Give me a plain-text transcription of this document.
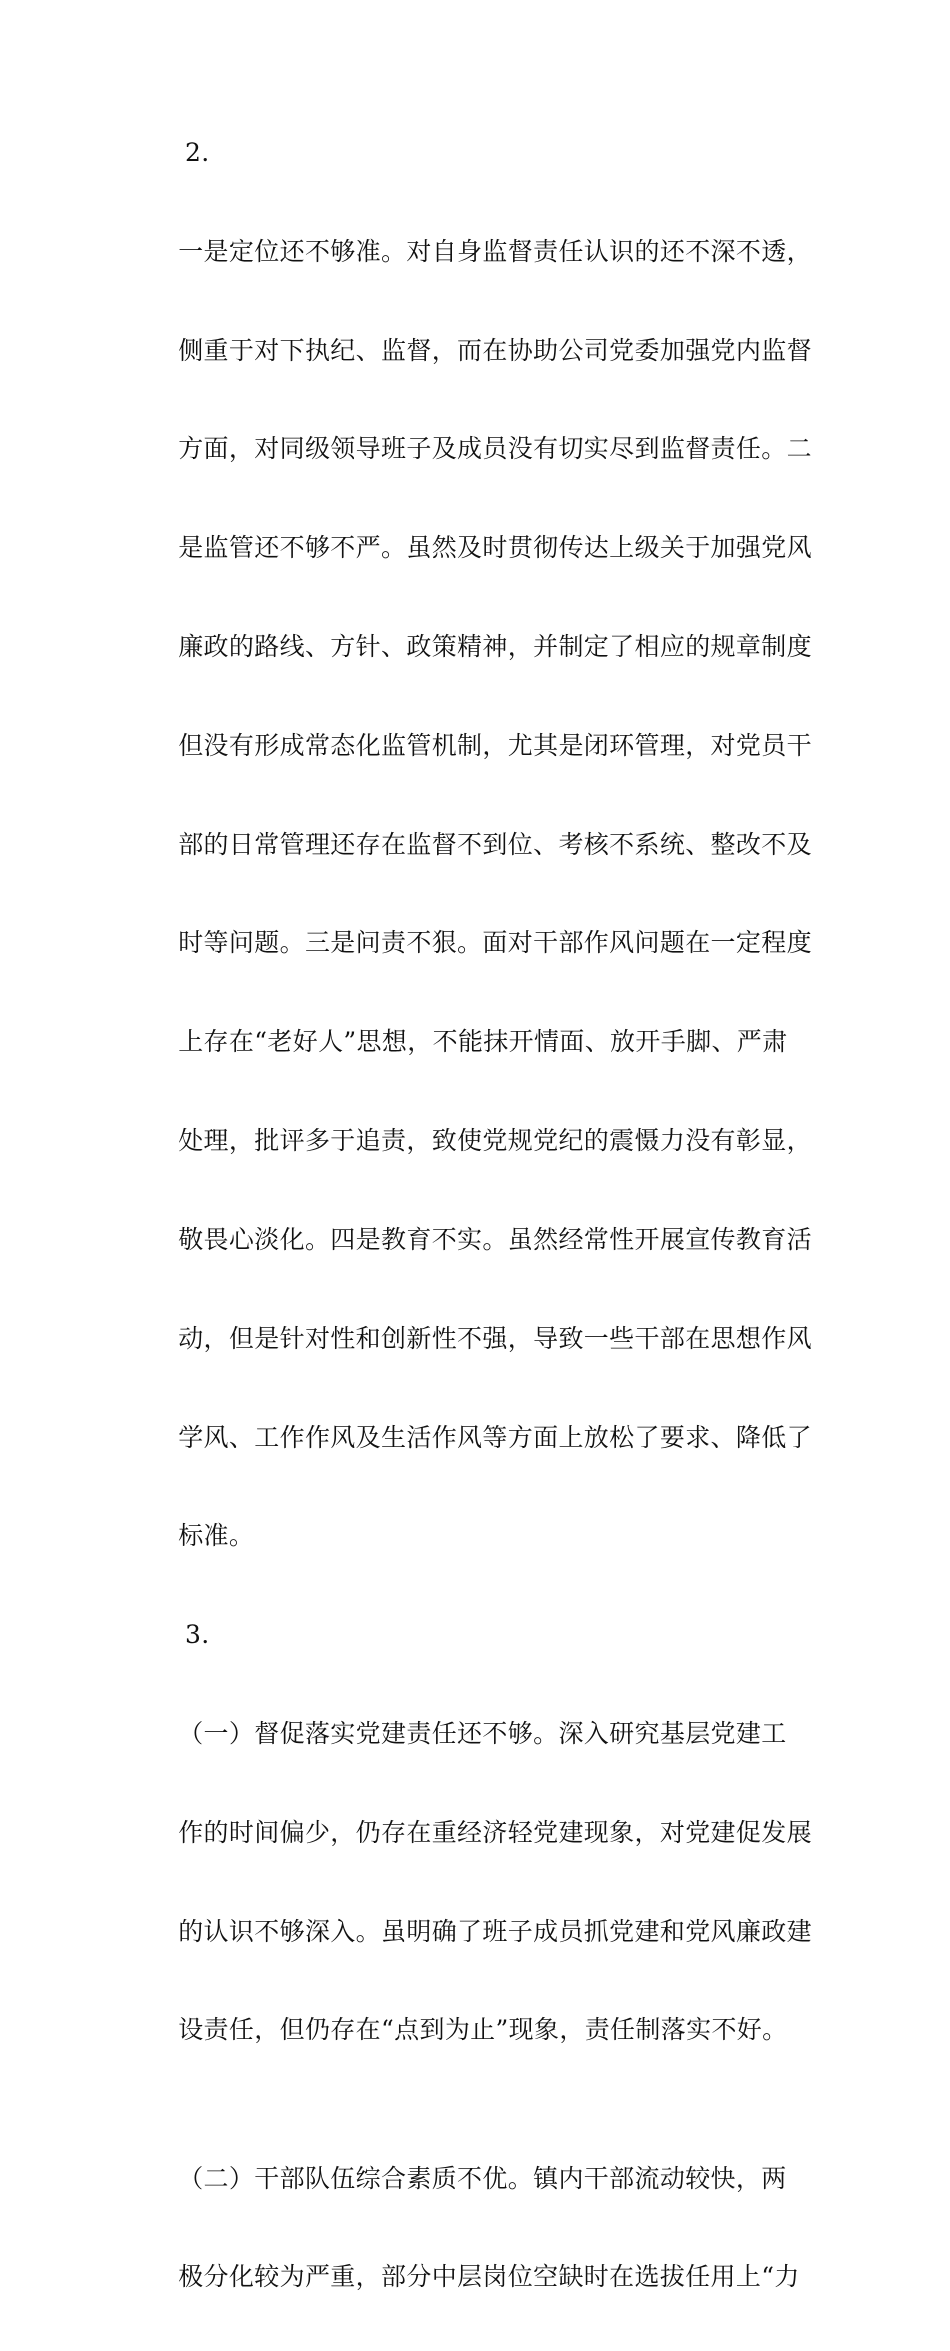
2.

一是定位还不够准。对自身监督责任认识的还不深不透，

侧重于对下执纪、监督，而在协助公司党委加强党内监督

方面，对同级领导班子及成员没有切实尽到监督责任。二

是监管还不够不严。虽然及时贯彻传达上级关于加强党风

廉政的路线、方针、政策精神，并制定了相应的规章制度

但没有形成常态化监管机制，尤其是闭环管理，对党员干

部的日常管理还存在监督不到位、考核不系统、整改不及

时等问题。三是问责不狠。面对干部作风问题在一定程度

上存在“老好人”思想，不能抹开情面、放开手脚、严肃

处理，批评多于追责，致使党规党纪的震慑力没有彰显，

敬畏心淡化。四是教育不实。虽然经常性开展宣传教育活

动，但是针对性和创新性不强，导致一些干部在思想作风

学风、工作作风及生活作风等方面上放松了要求、降低了

标准。

3.

（一）督促落实党建责任还不够。深入研究基层党建工

作的时间偏少，仍存在重经济轻党建现象，对党建促发展

的认识不够深入。虽明确了班子成员抓党建和党风廉政建

设责任，但仍存在“点到为止”现象，责任制落实不好。

（二）干部队伍综合素质不优。镇内干部流动较快，两

极分化较为严重，部分中层岗位空缺时在选拔任用上“力
